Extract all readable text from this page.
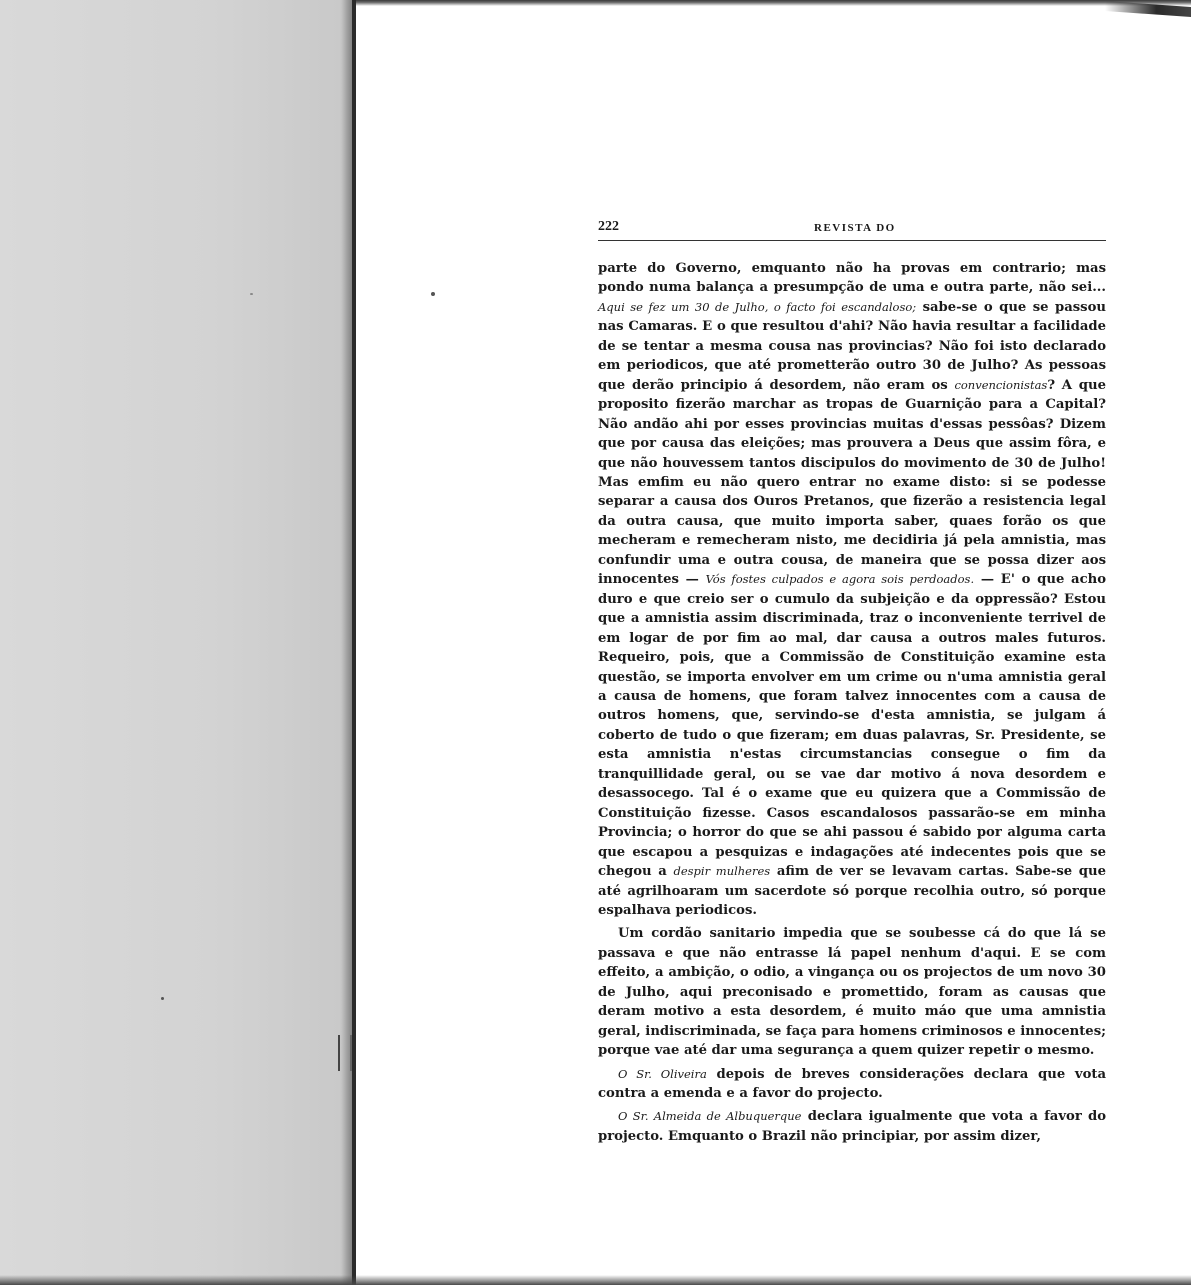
222	REVISTA DO

parte do Governo, emquanto não ha provas em contrario; mas pondo numa balança a presumpção de uma e outra parte, não sei... Aqui se fez um 30 de Julho, o facto foi escandaloso; sabe-se o que se passou nas Camaras. E o que resultou d'ahi? Não havia resultar a facilidade de se tentar a mesma cousa nas provincias? Não foi isto declarado em periodicos, que até prometterão outro 30 de Julho? As pessoas que derão principio á desordem, não eram os convencionistas? A que proposito fizerão marchar as tropas de Guarnição para a Capital? Não andão ahi por esses provincias muitas d'essas pessôas? Dizem que por causa das eleições; mas prouvera a Deus que assim fôra, e que não houvessem tantos discipulos do movimento de 30 de Julho! Mas emfim eu não quero entrar no exame disto: si se podesse separar a causa dos Ouros Pretanos, que fizerão a resistencia legal da outra causa, que muito importa saber, quaes forão os que mecheram e remecheram nisto, me decidiria já pela amnistia, mas confundir uma e outra cousa, de maneira que se possa dizer aos innocentes — Vós fostes culpados e agora sois perdoados. — E' o que acho duro e que creio ser o cumulo da subjeição e da oppressão? Estou que a amnistia assim discriminada, traz o inconveniente terrivel de em logar de por fim ao mal, dar causa a outros males futuros. Requeiro, pois, que a Commissão de Constituição examine esta questão, se importa envolver em um crime ou n'uma amnistia geral a causa de homens, que foram talvez innocentes com a causa de outros homens, que, servindo-se d'esta amnistia, se julgam á coberto de tudo o que fizeram; em duas palavras, Sr. Presidente, se esta amnistia n'estas circumstancias consegue o fim da tranquillidade geral, ou se vae dar motivo á nova desordem e desassocego. Tal é o exame que eu quizera que a Commissão de Constituição fizesse. Casos escandalosos passarão-se em minha Provincia; o horror do que se ahi passou é sabido por alguma carta que escapou a pesquizas e indagações até indecentes pois que se chegou a despir mulheres afim de ver se levavam cartas. Sabe-se que até agrilhoaram um sacerdote só porque recolhia outro, só porque espalhava periodicos.

Um cordão sanitario impedia que se soubesse cá do que lá se passava e que não entrasse lá papel nenhum d'aqui. E se com effeito, a ambição, o odio, a vingança ou os projectos de um novo 30 de Julho, aqui preconisado e promettido, foram as causas que deram motivo a esta desordem, é muito máo que uma amnistia geral, indiscriminada, se faça para homens criminosos e innocentes; porque vae até dar uma segurança a quem quizer repetir o mesmo.

O Sr. Oliveira depois de breves considerações declara que vota contra a emenda e a favor do projecto.

O Sr. Almeida de Albuquerque declara igualmente que vota a favor do projecto. Emquanto o Brazil não principiar, por assim dizer,
